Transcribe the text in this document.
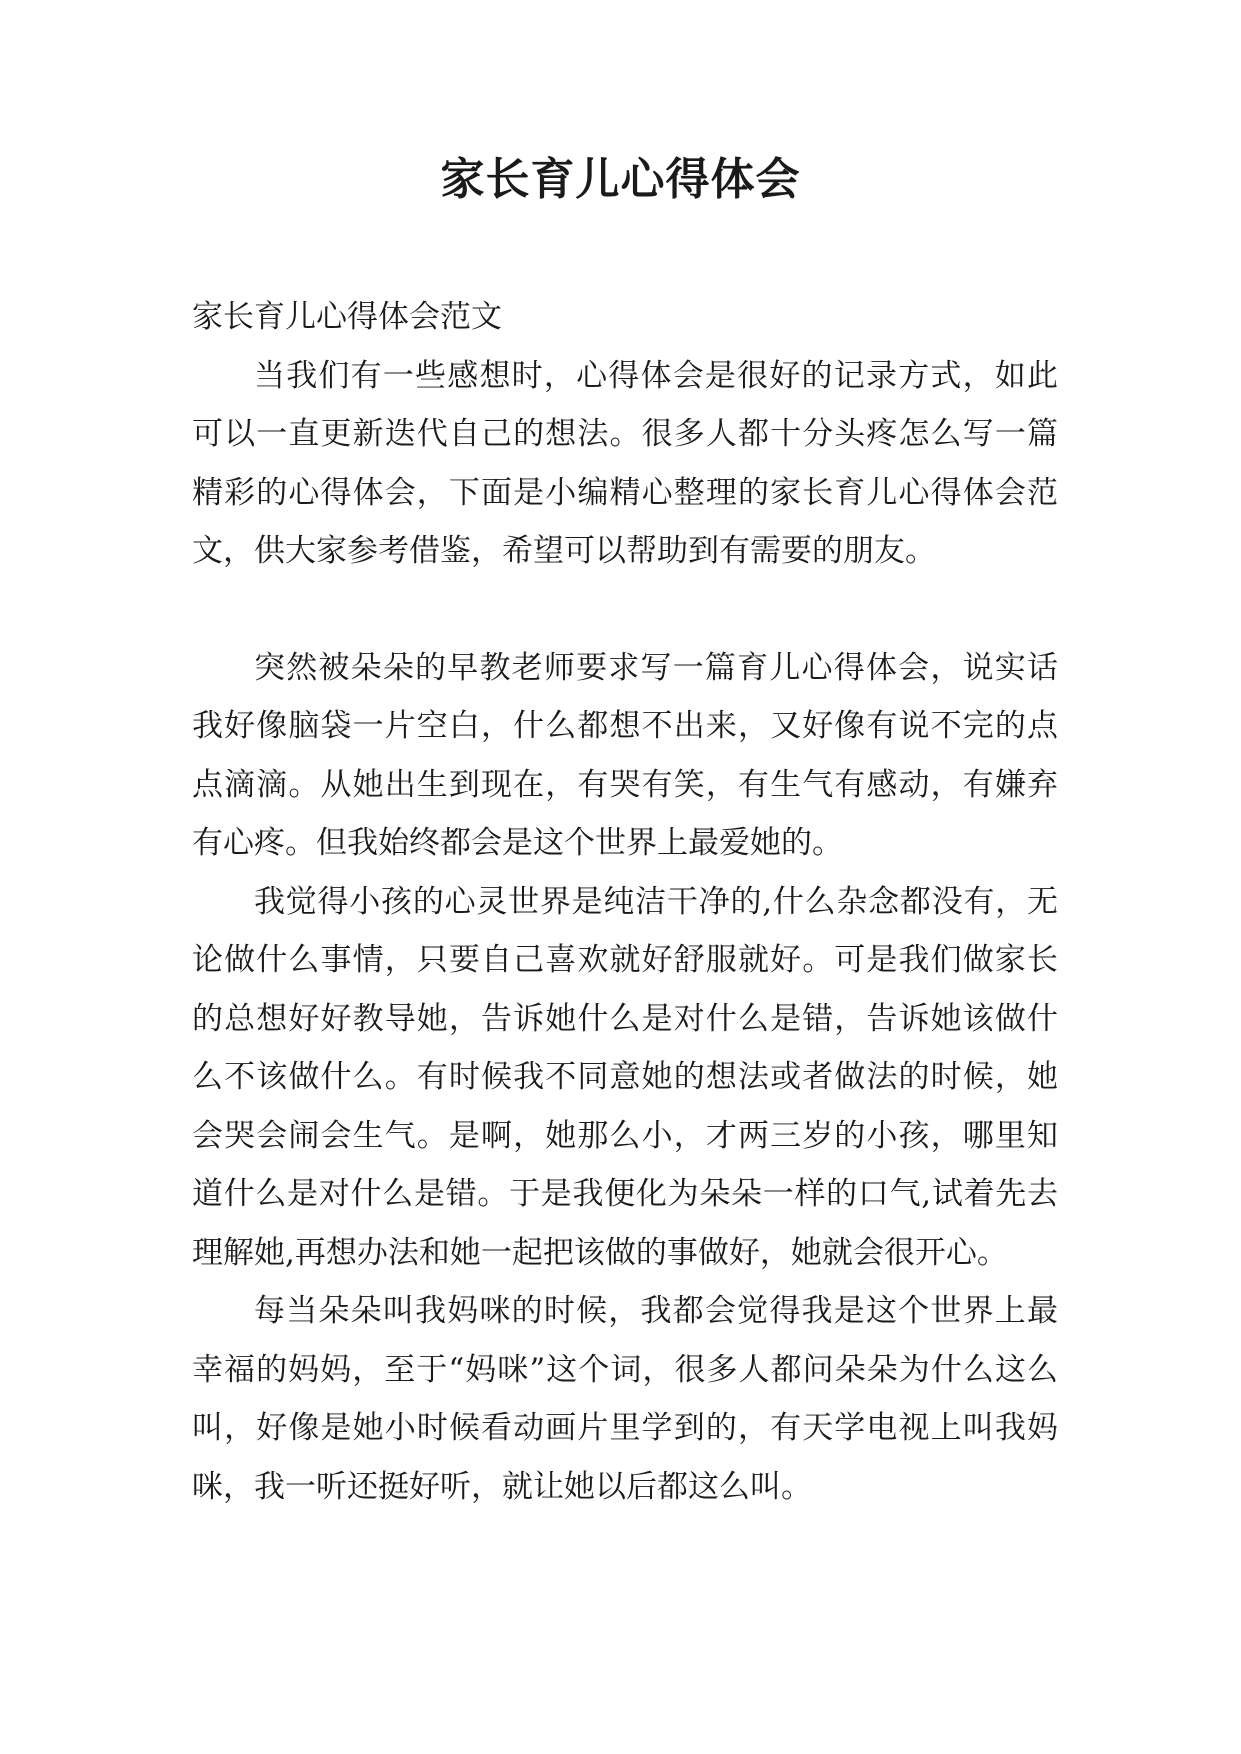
家长育儿心得体会
家长育儿心得体会范文

当我们有一些感想时，心得体会是很好的记录方式，如此可以一直更新迭代自己的想法。很多人都十分头疼怎么写一篇精彩的心得体会，下面是小编精心整理的家长育儿心得体会范文，供大家参考借鉴，希望可以帮助到有需要的朋友。

突然被朵朵的早教老师要求写一篇育儿心得体会，说实话我好像脑袋一片空白，什么都想不出来，又好像有说不完的点点滴滴。从她出生到现在，有哭有笑，有生气有感动，有嫌弃有心疼。但我始终都会是这个世界上最爱她的。

我觉得小孩的心灵世界是纯洁干净的,什么杂念都没有，无论做什么事情，只要自己喜欢就好舒服就好。可是我们做家长的总想好好教导她，告诉她什么是对什么是错，告诉她该做什么不该做什么。有时候我不同意她的想法或者做法的时候，她会哭会闹会生气。是啊，她那么小，才两三岁的小孩，哪里知道什么是对什么是错。于是我便化为朵朵一样的口气,试着先去理解她,再想办法和她一起把该做的事做好，她就会很开心。

每当朵朵叫我妈咪的时候，我都会觉得我是这个世界上最幸福的妈妈，至于“妈咪”这个词，很多人都问朵朵为什么这么叫，好像是她小时候看动画片里学到的，有天学电视上叫我妈咪，我一听还挺好听，就让她以后都这么叫。
